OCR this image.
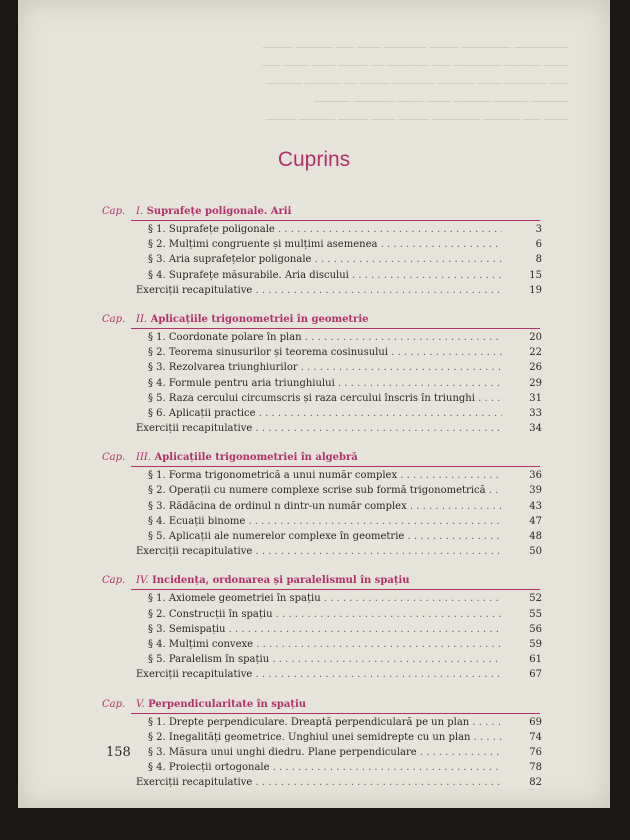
───────── ──────── ───── ─────── ──── ─── ────── ─────
──── ────── ──────── ─── ─────── ── ───── ──── ──── ───
─── ─────── ──── ────── ─────── ───── ── ────── ──────
────── ────── ────── ──── ──── ─────── ──────
──── ─── ────── ──────── ───── ──── ───── ────── ─────
Cuprins
Cap. I. Suprafețe poligonale. Arii
§ 1. Suprafețe poligonale . . .	3
§ 2. Mulțimi congruente și mulțimi asemenea . . .	6
§ 3. Aria suprafețelor poligonale . . .	8
§ 4. Suprafețe măsurabile. Aria discului . . .	15
Exerciții recapitulative . . .	19
Cap. II. Aplicațiile trigonometriei în geometrie
§ 1. Coordonate polare în plan . . .	20
§ 2. Teorema sinusurilor și teorema cosinusului . . .	22
§ 3. Rezolvarea triunghiurilor . . .	26
§ 4. Formule pentru aria triunghiului . . .	29
§ 5. Raza cercului circumscris și raza cercului înscris în triunghi . . .	31
§ 6. Aplicații practice . . .	33
Exerciții recapitulative . . .	34
Cap. III. Aplicațiile trigonometriei în algebră
§ 1. Forma trigonometrică a unui număr complex . . .	36
§ 2. Operații cu numere complexe scrise sub formă trigonometrică . . .	39
§ 3. Rădăcina de ordinul n dintr-un număr complex . . .	43
§ 4. Ecuații binome . . .	47
§ 5. Aplicații ale numerelor complexe în geometrie . . .	48
Exerciții recapitulative . . .	50
Cap. IV. Incidența, ordonarea și paralelismul în spațiu
§ 1. Axiomele geometriei în spațiu . . .	52
§ 2. Construcții în spațiu . . .	55
§ 3. Semispațiu . . .	56
§ 4. Mulțimi convexe . . .	59
§ 5. Paralelism în spațiu . . .	61
Exerciții recapitulative . . .	67
Cap. V. Perpendicularitate în spațiu
§ 1. Drepte perpendiculare. Dreaptă perpendiculară pe un plan . . .	69
§ 2. Inegalități geometrice. Unghiul unei semidrepte cu un plan . . .	74
§ 3. Măsura unui unghi diedru. Plane perpendiculare . . .	76
§ 4. Proiecții ortogonale . . .	78
Exerciții recapitulative . . .	82
158
